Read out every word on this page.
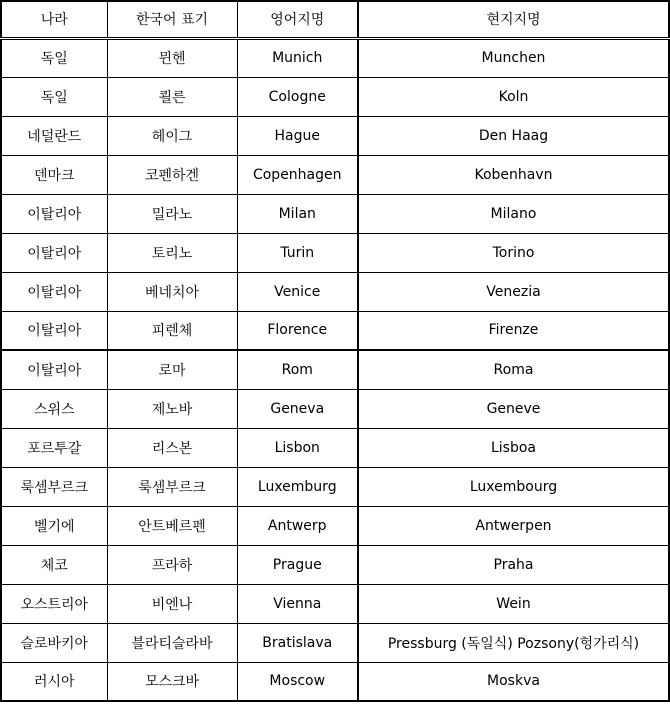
나라	한국어 표기	영어지명	현지지명
독일	뮌헨	Munich	Munchen
독일	쾰른	Cologne	Koln
네덜란드	헤이그	Hague	Den Haag
덴마크	코펜하겐	Copenhagen	Kobenhavn
이탈리아	밀라노	Milan	Milano
이탈리아	토리노	Turin	Torino
이탈리아	베네치아	Venice	Venezia
이탈리아	피렌체	Florence	Firenze
이탈리아	로마	Rom	Roma
스위스	제노바	Geneva	Geneve
포르투갈	리스본	Lisbon	Lisboa
룩셈부르크	룩셈부르크	Luxemburg	Luxembourg
벨기에	안트베르펜	Antwerp	Antwerpen
체코	프라하	Prague	Praha
오스트리아	비엔나	Vienna	Wein
슬로바키아	블라티슬라바	Bratislava	Pressburg (독일식) Pozsony(헝가리식)
러시아	모스크바	Moscow	Moskva
